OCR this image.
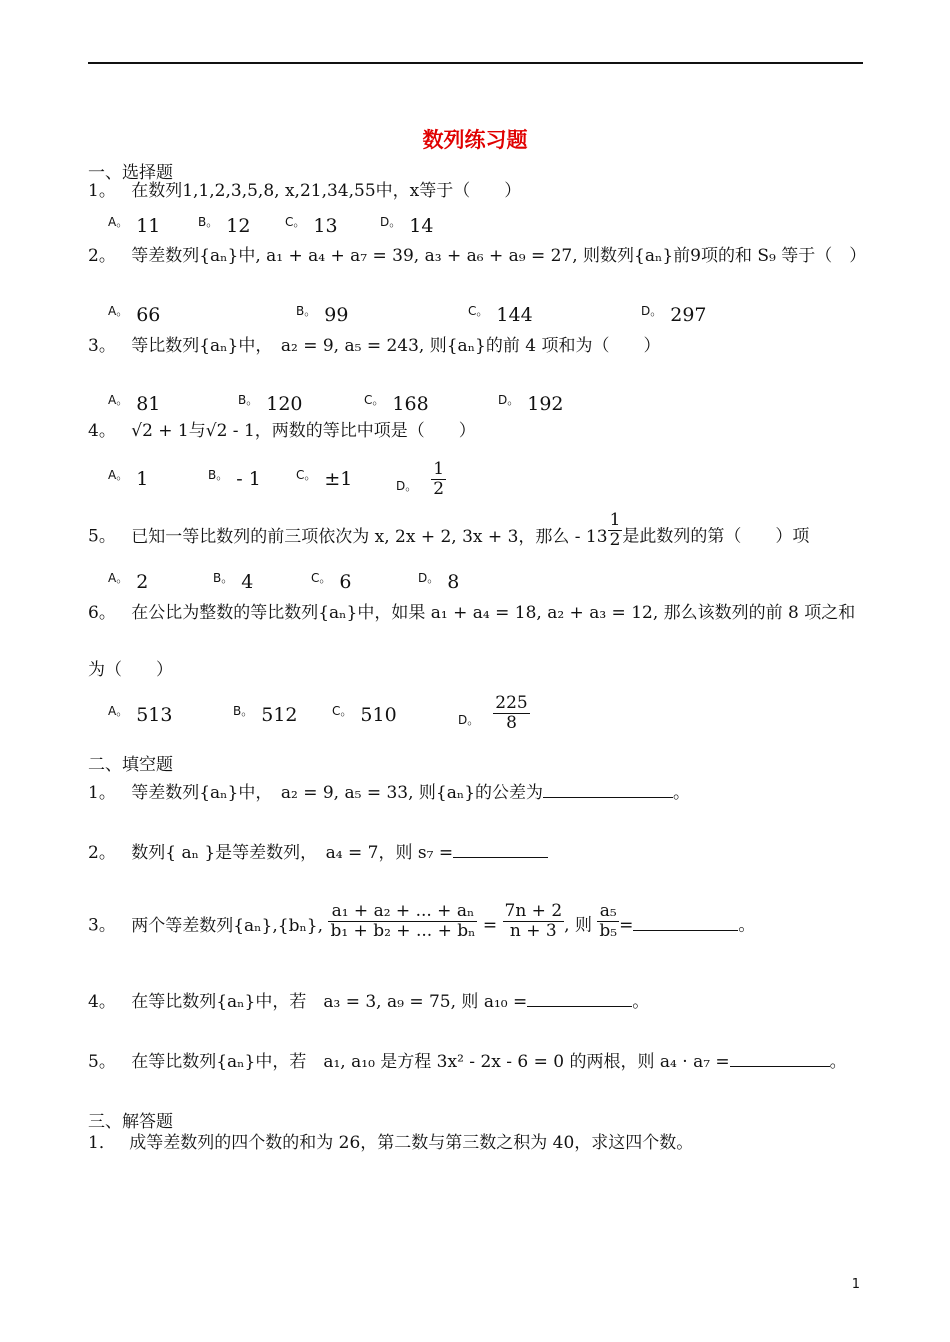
数列练习题
一、选择题
1。 在数列1,1,2,3,5,8, x,21,34,55中，x等于（　　）
$^{A。}$ 11	$^{B。}$ 12	$^{C。}$ 13	$^{D。}$ 14
2。 等差数列{aₙ}中, a₁ + a₄ + a₇ = 39, a₃ + a₆ + a₉ = 27, 则数列{aₙ}前9项的和 S₉ 等于（　）
$^{A。}$ 66	$^{B。}$ 99	$^{C。}$ 144	$^{D。}$ 297
3。 等比数列{aₙ}中，　a₂ = 9, a₅ = 243, 则{aₙ}的前 4 项和为（　　）
$^{A。}$ 81	$^{B。}$ 120	$^{C。}$ 168	$^{D。}$ 192
4。 √2 + 1与√2 - 1，两数的等比中项是（　　）
$^{A。}$ 1	$^{B。}$ - 1	$^{C。}$ ±1	$_{D。} \frac{1}{2}$
5。 已知一等比数列的前三项依次为 x, 2x + 2, 3x + 3，那么 - $13 \frac{1}{2}$ 是此数列的第（　　）项
$^{A。}$ 2	$^{B。}$ 4	$^{C。}$ 6	$^{D。}$ 8
6。 在公比为整数的等比数列{aₙ}中，如果 a₁ + a₄ = 18, a₂ + a₃ = 12, 那么该数列的前 8 项之和
为（　　）
$^{A。}$ 513	$^{B。}$ 512	$^{C。}$ 510	$_{D。} \frac{225}{8}$
二、填空题
1。 等差数列{aₙ}中，　a₂ = 9, a₅ = 33, 则{aₙ}的公差为	。
2。 数列{ aₙ }是等差数列，　a₄ = 7，则 s₇ =
3。 两个等差数列{aₙ},{bₙ}, $\frac{\text{a₁ + a₂ + ... + aₙ}}{\text{b₁ + b₂ + ... + bₙ}} = \frac{7n + 2}{n + 3}$ , 则 $\frac{\text{a₅}}{\text{b₅}}$ =	。
4。 在等比数列{aₙ}中，若　a₃ = 3, a₉ = 75, 则 a₁₀ =	。
5。 在等比数列{aₙ}中，若　a₁, a₁₀ 是方程 3x² - 2x - 6 = 0 的两根，则 a₄ · a₇ =	。
三、解答题
1． 成等差数列的四个数的和为 26，第二数与第三数之积为 40，求这四个数。
1
